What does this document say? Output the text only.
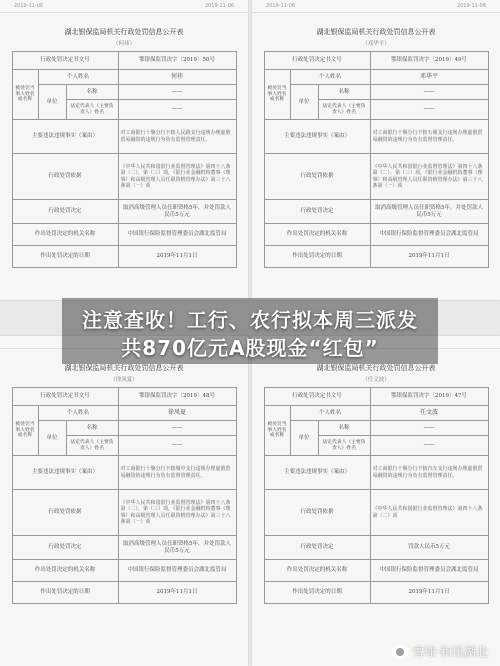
2019-11-06	2019-11-06
湖北银保监局机关行政处罚信息公开表
（何祎）
行政处罚决定书文号			鄂银保监罚决字〔2019〕50号
被处罚当事人姓名或名称	个人姓名		何祎
	单位	名称	——
		法定代表人（主要负责人）姓名	——
主要违法违规事实（案由）			对工商银行十堰分行下辖人民路支行违规办理虚假贸易融资的违规行为负有监督管理责任。
行政处罚依据			《中华人民共和国银行业监督管理法》第四十八条第（二）、第（三）项，《银行业金融机构董事（理事）和高级管理人员任职资格管理办法》第三十八条第（一）项
行政处罚决定			取消高级管理人员任职资格5年，并处罚款人民币5万元
作出处罚决定的机关名称			中国银行保险监督管理委员会湖北监管局
作出处罚决定的日期			2019年11月1日
2019-11-06	2019-11-06
湖北银保监局机关行政处罚信息公开表
（邓华平）
行政处罚决定书文号			鄂银保监罚决字〔2019〕49号
被处罚当事人姓名或名称	个人姓名		邓华平
	单位	名称	——
		法定代表人（主要负责人）姓名	——
主要违法违规事实（案由）			对工商银行十堰分行下辖五堰支行违规办理虚假贸易融资的违规行为负有监督管理责任。
行政处罚依据			《中华人民共和国银行业监督管理法》第四十八条第（二）、第（三）项，《银行业金融机构董事（理事）和高级管理人员任职资格管理办法》第三十八条第（一）项
行政处罚决定			取消高级管理人员任职资格5年，并处罚款人民币5万元
作出处罚决定的机关名称			中国银行保险监督管理委员会湖北监管局
作出处罚决定的日期			2019年11月1日
湖北银保监局机关行政处罚信息公开表
（徐凤夏）
行政处罚决定书文号			鄂银保监罚决字〔2019〕48号
被处罚当事人姓名或名称	个人姓名		徐凤夏
	单位	名称	——
		法定代表人（主要负责人）姓名	——
主要违法违规事实（案由）			对工商银行十堰分行下辖城中支行违规办理虚假贸易融资的违规行为负有监督管理责任。
行政处罚依据			《中华人民共和国银行业监督管理法》第四十八条第（二）、第（三）项，《银行业金融机构董事（理事）和高级管理人员任职资格管理办法》第三十八条第（一）项
行政处罚决定			取消高级管理人员任职资格5年，并处罚款人民币5万元
作出处罚决定的机关名称			中国银行保险监督管理委员会湖北监管局
作出处罚决定的日期			2019年11月1日
湖北银保监局机关行政处罚信息公开表
（任文波）
行政处罚决定书文号			鄂银保监罚决字〔2019〕47号
被处罚当事人姓名或名称	个人姓名		任文波
	单位	名称	——
		法定代表人（主要负责人）姓名	——
主要违法违规事实（案由）			对工商银行十堰分行下辖汽车支行违规办理虚假贸易融资的违规行为负有监督管理责任。
行政处罚依据			《中华人民共和国银行业监督管理法》第四十八条第（二）项
行政处罚决定			罚款人民币5万元
作出处罚决定的机关名称			中国银行保险监督管理委员会湖北监管局
作出处罚决定的日期			2019年11月1日
注意查收！工行、农行拟本周三派发
共870亿元A股现金“红包”
雪球·和讯湖北
